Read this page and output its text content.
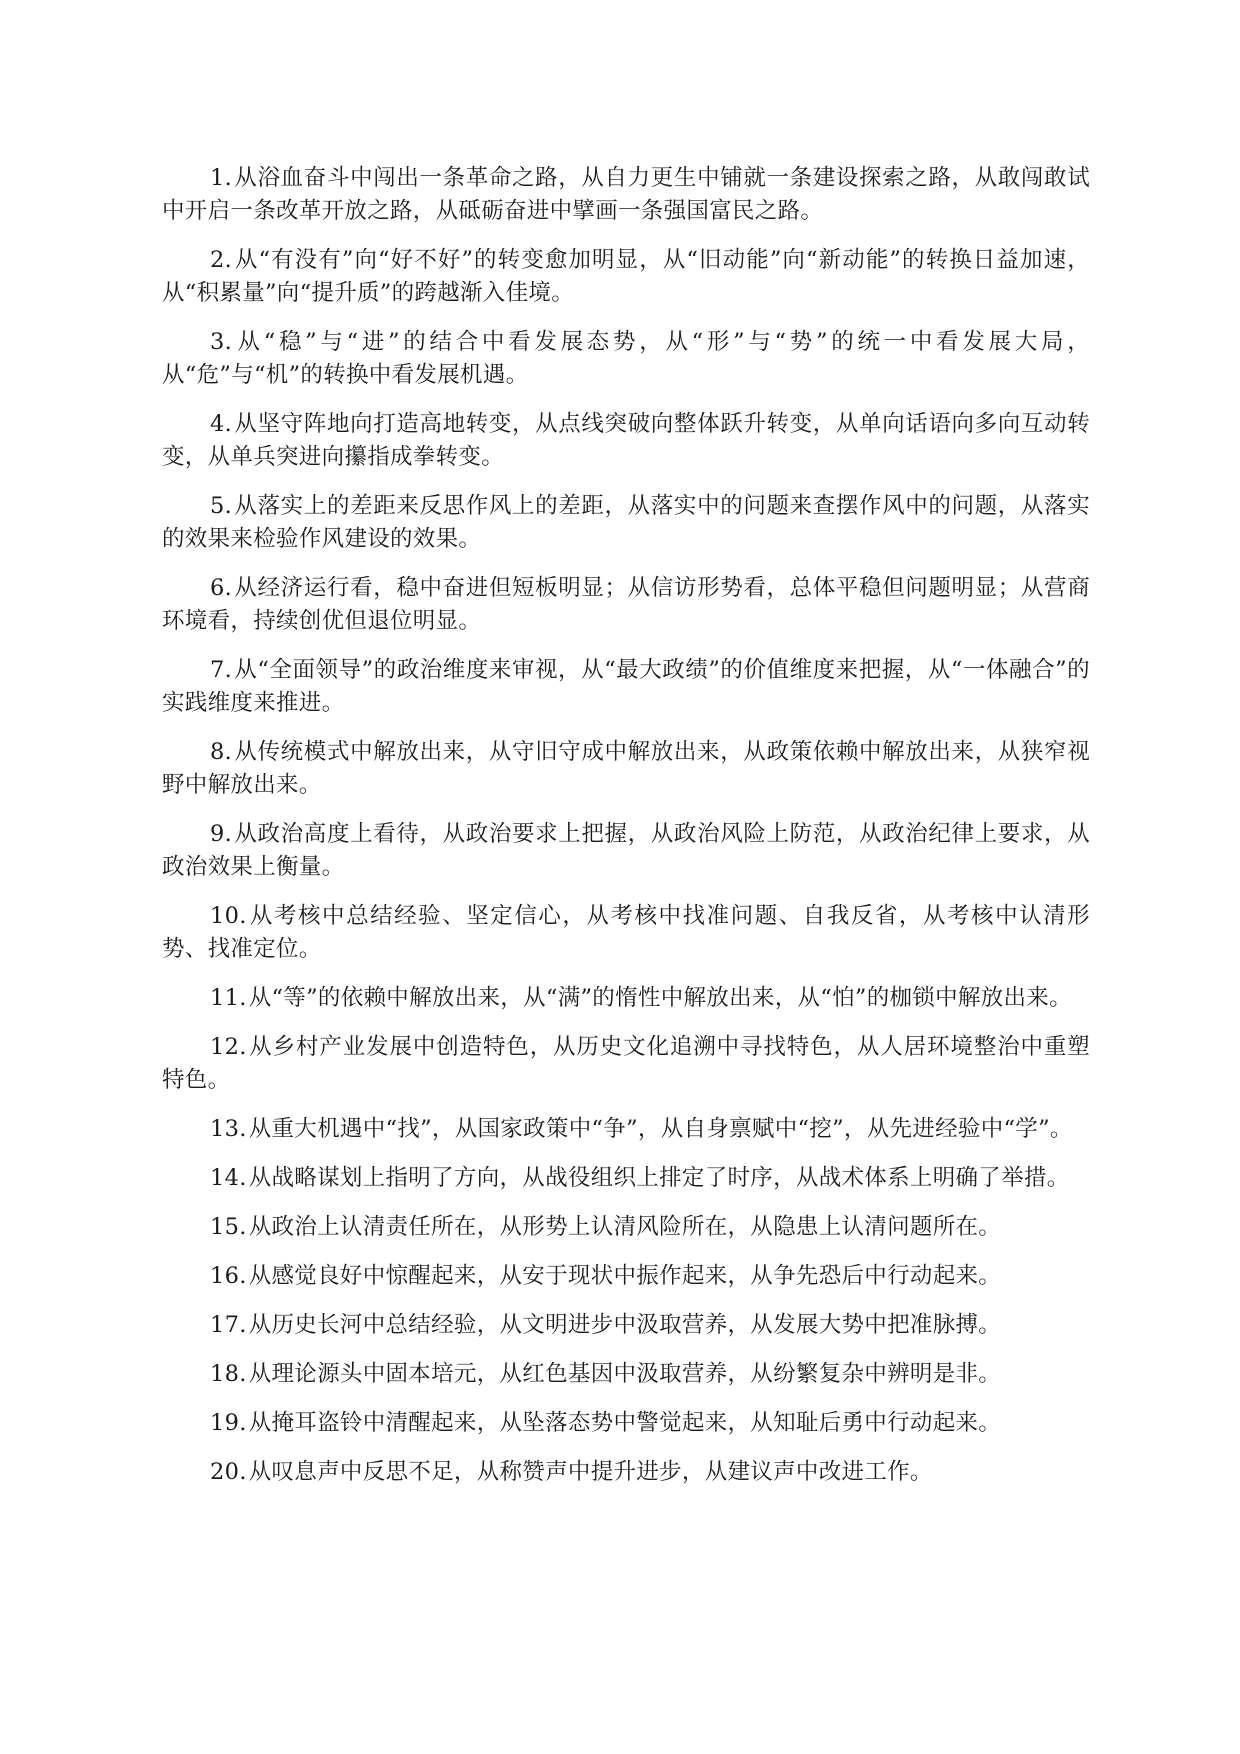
1.从浴血奋斗中闯出一条革命之路，从自力更生中铺就一条建设探索之路，从敢闯敢试中开启一条改革开放之路，从砥砺奋进中擘画一条强国富民之路。

2.从“有没有”向“好不好”的转变愈加明显，从“旧动能”向“新动能”的转换日益加速，从“积累量”向“提升质”的跨越渐入佳境。

3.从“稳”与“进”的结合中看发展态势，从“形”与“势”的统一中看发展大局，从“危”与“机”的转换中看发展机遇。

4.从坚守阵地向打造高地转变，从点线突破向整体跃升转变，从单向话语向多向互动转变，从单兵突进向攥指成拳转变。

5.从落实上的差距来反思作风上的差距，从落实中的问题来查摆作风中的问题，从落实的效果来检验作风建设的效果。

6.从经济运行看，稳中奋进但短板明显；从信访形势看，总体平稳但问题明显；从营商环境看，持续创优但退位明显。

7.从“全面领导”的政治维度来审视，从“最大政绩”的价值维度来把握，从“一体融合”的实践维度来推进。

8.从传统模式中解放出来，从守旧守成中解放出来，从政策依赖中解放出来，从狭窄视野中解放出来。

9.从政治高度上看待，从政治要求上把握，从政治风险上防范，从政治纪律上要求，从政治效果上衡量。

10.从考核中总结经验、坚定信心，从考核中找准问题、自我反省，从考核中认清形势、找准定位。

11.从“等”的依赖中解放出来，从“满”的惰性中解放出来，从“怕”的枷锁中解放出来。

12.从乡村产业发展中创造特色，从历史文化追溯中寻找特色，从人居环境整治中重塑特色。

13.从重大机遇中“找”，从国家政策中“争”，从自身禀赋中“挖”，从先进经验中“学”。

14.从战略谋划上指明了方向，从战役组织上排定了时序，从战术体系上明确了举措。

15.从政治上认清责任所在，从形势上认清风险所在，从隐患上认清问题所在。

16.从感觉良好中惊醒起来，从安于现状中振作起来，从争先恐后中行动起来。

17.从历史长河中总结经验，从文明进步中汲取营养，从发展大势中把准脉搏。

18.从理论源头中固本培元，从红色基因中汲取营养，从纷繁复杂中辨明是非。

19.从掩耳盗铃中清醒起来，从坠落态势中警觉起来，从知耻后勇中行动起来。

20.从叹息声中反思不足，从称赞声中提升进步，从建议声中改进工作。
